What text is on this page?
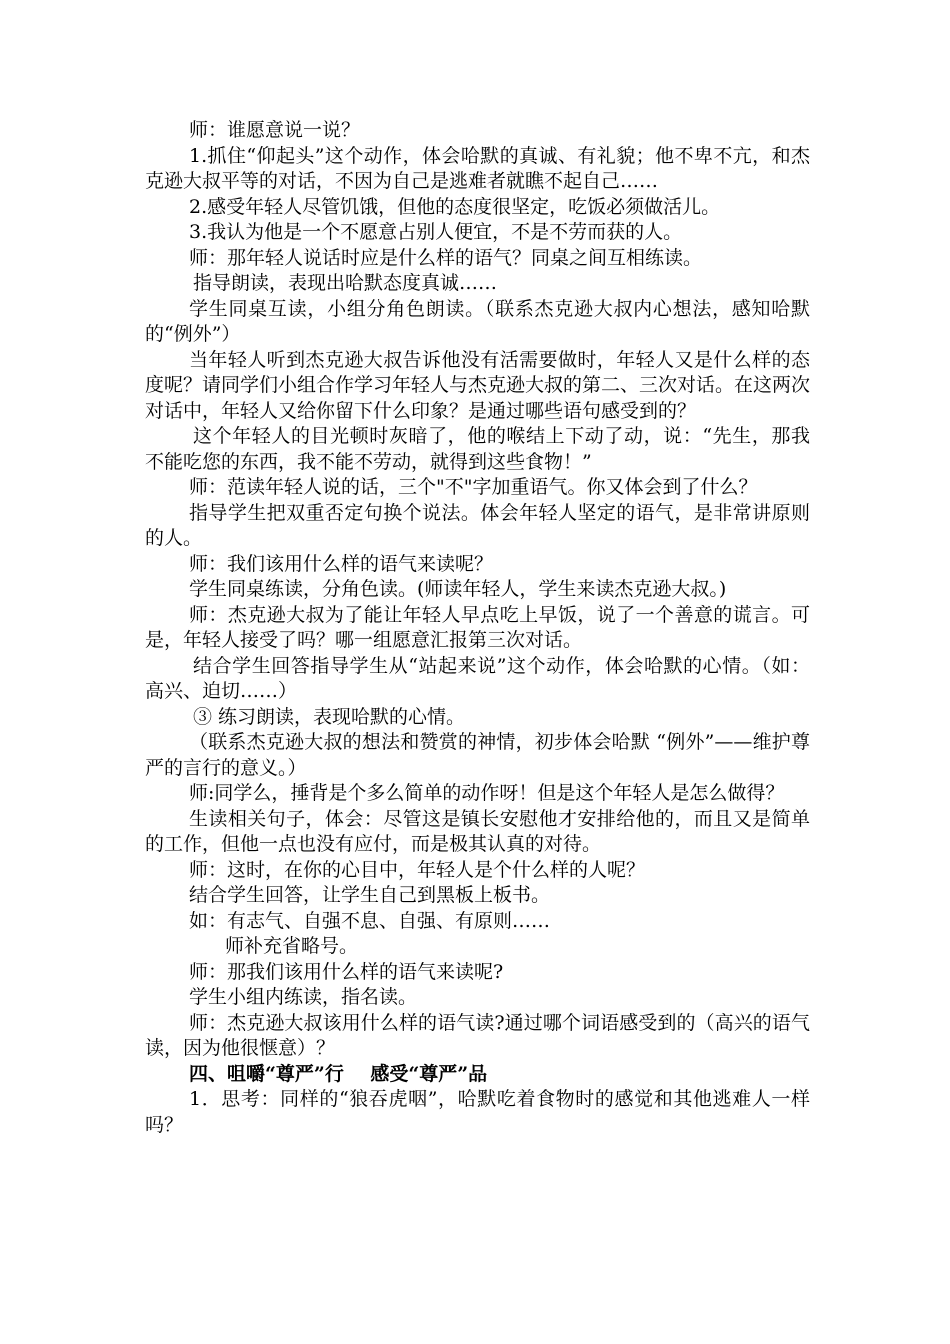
师：谁愿意说一说？

1.抓住“仰起头”这个动作，体会哈默的真诚、有礼貌；他不卑不亢，和杰克逊大叔平等的对话，不因为自己是逃难者就瞧不起自己……

2.感受年轻人尽管饥饿，但他的态度很坚定，吃饭必须做活儿。

3.我认为他是一个不愿意占别人便宜，不是不劳而获的人。

师：那年轻人说话时应是什么样的语气？同桌之间互相练读。

指导朗读，表现出哈默态度真诚……

学生同桌互读，小组分角色朗读。（联系杰克逊大叔内心想法，感知哈默的“例外”）

当年轻人听到杰克逊大叔告诉他没有活需要做时，年轻人又是什么样的态度呢？请同学们小组合作学习年轻人与杰克逊大叔的第二、三次对话。在这两次对话中，年轻人又给你留下什么印象？是通过哪些语句感受到的？

这个年轻人的目光顿时灰暗了，他的喉结上下动了动，说：“先生，那我不能吃您的东西，我不能不劳动，就得到这些食物！”

师：范读年轻人说的话，三个"不"字加重语气。你又体会到了什么？

指导学生把双重否定句换个说法。体会年轻人坚定的语气，是非常讲原则的人。

师：我们该用什么样的语气来读呢？

学生同桌练读，分角色读。(师读年轻人，学生来读杰克逊大叔。)

师：杰克逊大叔为了能让年轻人早点吃上早饭，说了一个善意的谎言。可是，年轻人接受了吗？哪一组愿意汇报第三次对话。

结合学生回答指导学生从“站起来说”这个动作，体会哈默的心情。（如：高兴、迫切……）

③ 练习朗读，表现哈默的心情。

（联系杰克逊大叔的想法和赞赏的神情，初步体会哈默 “例外”——维护尊严的言行的意义。）

师:同学么，捶背是个多么简单的动作呀！但是这个年轻人是怎么做得？

生读相关句子，体会：尽管这是镇长安慰他才安排给他的，而且又是简单的工作，但他一点也没有应付，而是极其认真的对待。

师：这时，在你的心目中，年轻人是个什么样的人呢？

结合学生回答，让学生自己到黑板上板书。

如：有志气、自强不息、自强、有原则……

师补充省略号。

师：那我们该用什么样的语气来读呢?

学生小组内练读，指名读。

师：杰克逊大叔该用什么样的语气读?通过哪个词语感受到的（高兴的语气读，因为他很惬意）？

四、咀嚼“尊严”行    感受“尊严”品

1．思考：同样的“狼吞虎咽”，哈默吃着食物时的感觉和其他逃难人一样吗？
